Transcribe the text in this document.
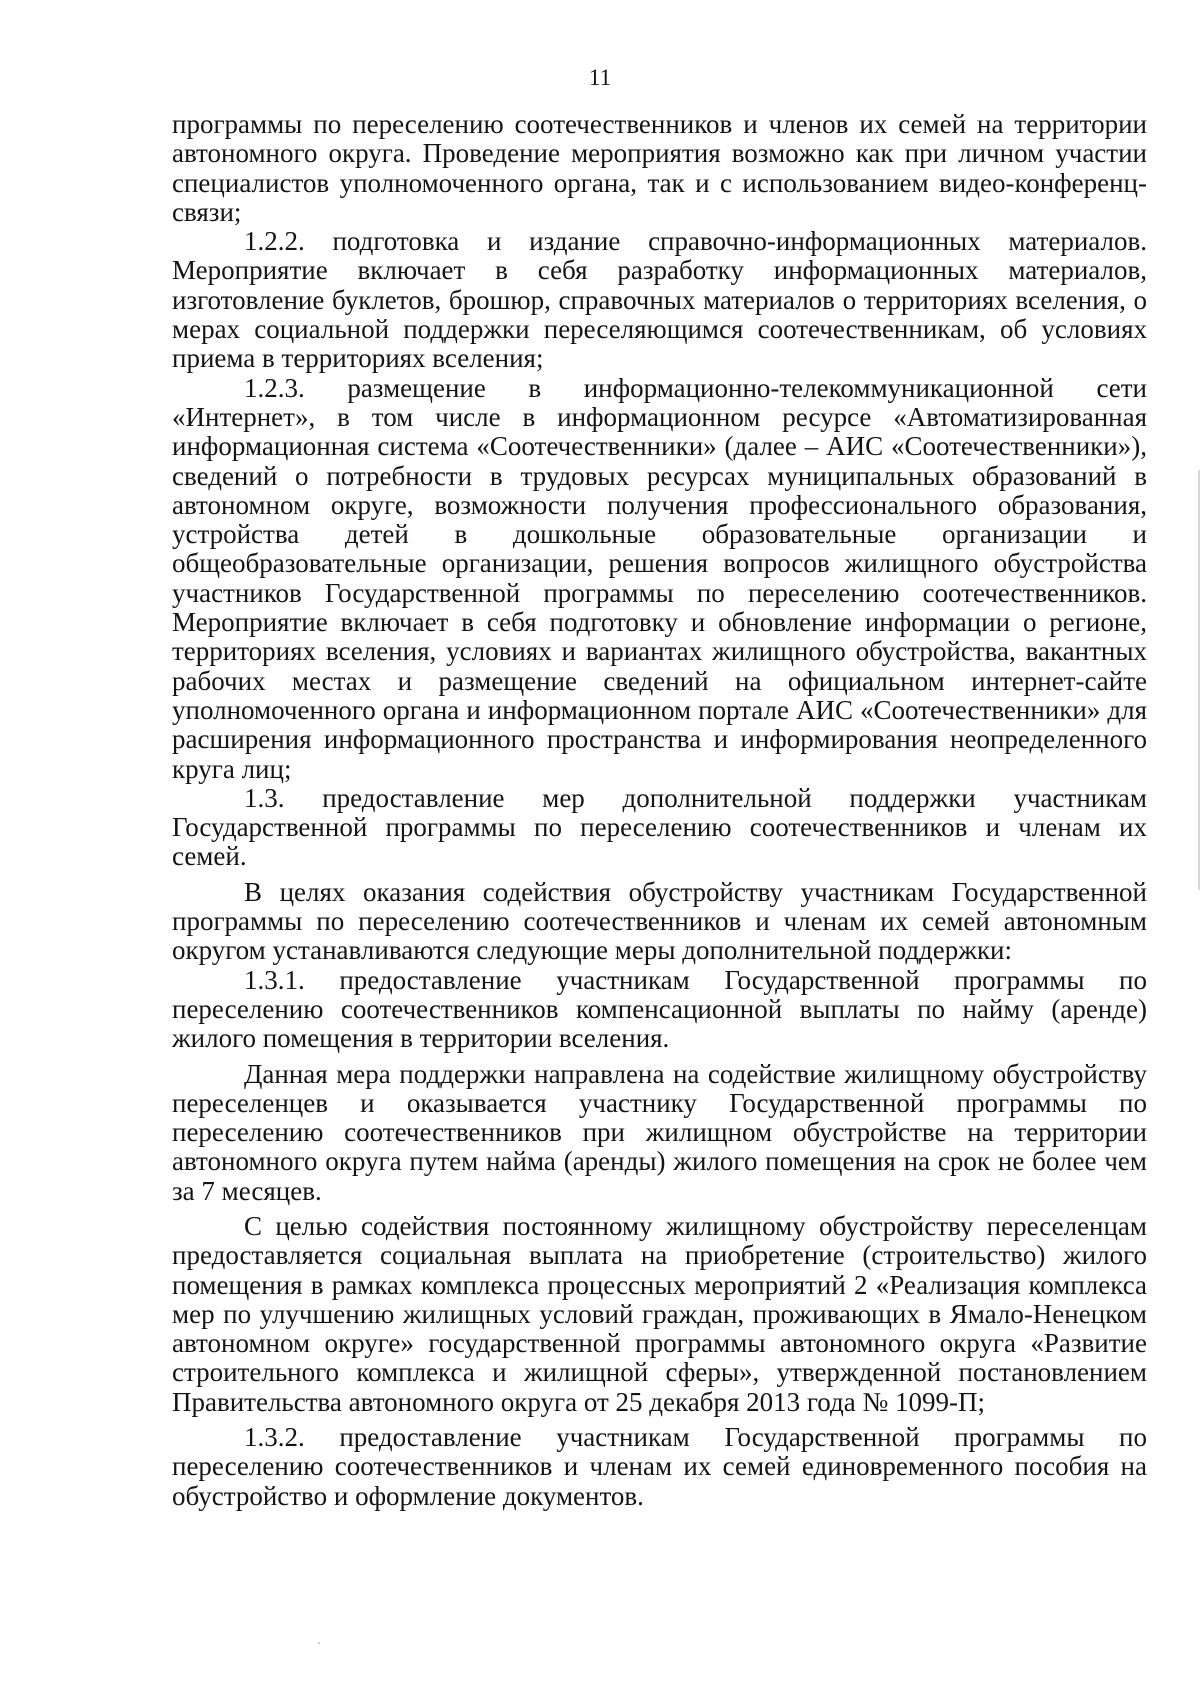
11

программы по переселению соотечественников и членов их семей на территории автономного округа. Проведение мероприятия возможно как при личном участии специалистов уполномоченного органа, так и с использованием видео-конференц-связи;

1.2.2. подготовка и издание справочно-информационных материалов. Мероприятие включает в себя разработку информационных материалов, изготовление буклетов, брошюр, справочных материалов о территориях вселения, о мерах социальной поддержки переселяющимся соотечественникам, об условиях приема в территориях вселения;

1.2.3. размещение в информационно-телекоммуникационной сети «Интернет», в том числе в информационном ресурсе «Автоматизированная информационная система «Соотечественники» (далее – АИС «Соотечественники»), сведений о потребности в трудовых ресурсах муниципальных образований в автономном округе, возможности получения профессионального образования, устройства детей в дошкольные образовательные организации и общеобразовательные организации, решения вопросов жилищного обустройства участников Государственной программы по переселению соотечественников. Мероприятие включает в себя подготовку и обновление информации о регионе, территориях вселения, условиях и вариантах жилищного обустройства, вакантных рабочих местах и размещение сведений на официальном интернет-сайте уполномоченного органа и информационном портале АИС «Соотечественники» для расширения информационного пространства и информирования неопределенного круга лиц;

1.3. предоставление мер дополнительной поддержки участникам Государственной программы по переселению соотечественников и членам их семей.

В целях оказания содействия обустройству участникам Государственной программы по переселению соотечественников и членам их семей автономным округом устанавливаются следующие меры дополнительной поддержки:

1.3.1. предоставление участникам Государственной программы по переселению соотечественников компенсационной выплаты по найму (аренде) жилого помещения в территории вселения.

Данная мера поддержки направлена на содействие жилищному обустройству переселенцев и оказывается участнику Государственной программы по переселению соотечественников при жилищном обустройстве на территории автономного округа путем найма (аренды) жилого помещения на срок не более чем за 7 месяцев.

С целью содействия постоянному жилищному обустройству переселенцам предоставляется социальная выплата на приобретение (строительство) жилого помещения в рамках комплекса процессных мероприятий 2 «Реализация комплекса мер по улучшению жилищных условий граждан, проживающих в Ямало-Ненецком автономном округе» государственной программы автономного округа «Развитие строительного комплекса и жилищной сферы», утвержденной постановлением Правительства автономного округа от 25 декабря 2013 года № 1099-П;

1.3.2. предоставление участникам Государственной программы по переселению соотечественников и членам их семей единовременного пособия на обустройство и оформление документов.
